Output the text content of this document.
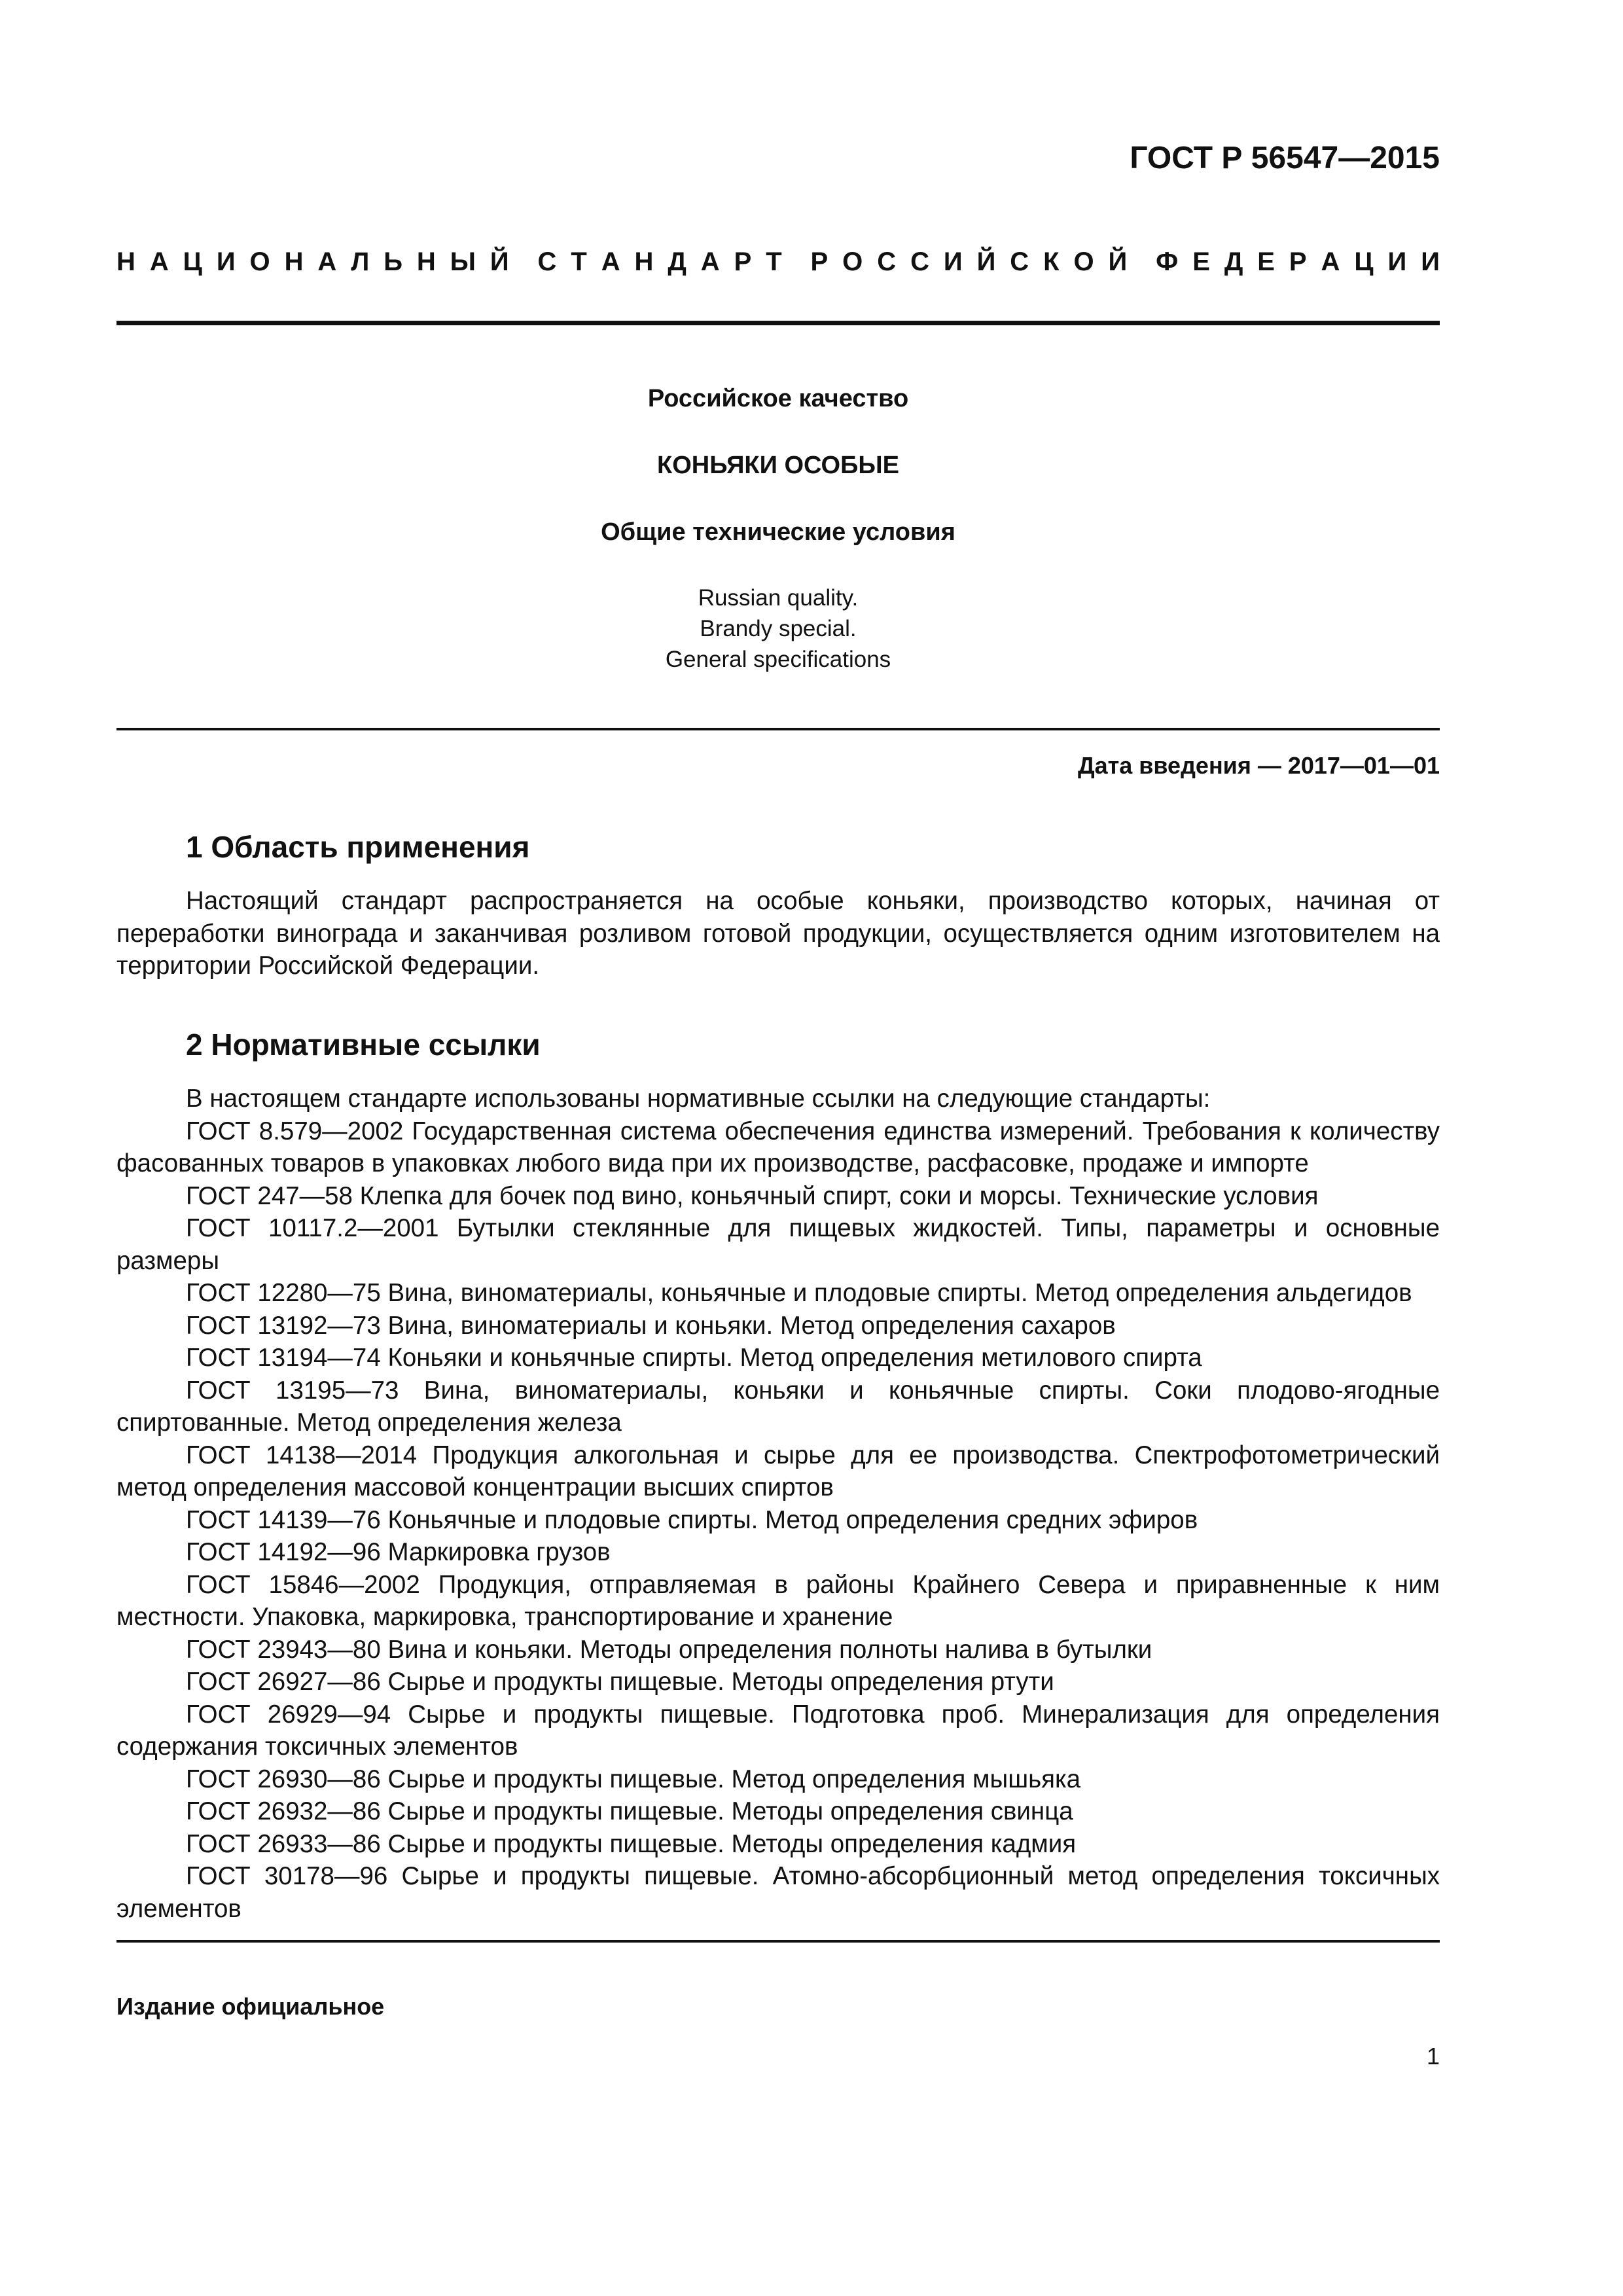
ГОСТ Р 56547—2015
Н А Ц И О Н А Л Ь Н Ы Й С Т А Н Д А Р Т Р О С С И Й С К О Й Ф Е Д Е Р А Ц И И
Российское качество
КОНЬЯКИ ОСОБЫЕ
Общие технические условия
Russian quality.
Brandy special.
General specifications
Дата введения — 2017—01—01
1 Область применения

Настоящий стандарт распространяется на особые коньяки, производство которых, начиная от переработки винограда и заканчивая розливом готовой продукции, осуществляется одним изготовителем на территории Российской Федерации.

2 Нормативные ссылки

В настоящем стандарте использованы нормативные ссылки на следующие стандарты:

ГОСТ 8.579—2002 Государственная система обеспечения единства измерений. Требования к количеству фасованных товаров в упаковках любого вида при их производстве, расфасовке, продаже и импорте

ГОСТ 247—58 Клепка для бочек под вино, коньячный спирт, соки и морсы. Технические условия

ГОСТ 10117.2—2001 Бутылки стеклянные для пищевых жидкостей. Типы, параметры и основные размеры

ГОСТ 12280—75 Вина, виноматериалы, коньячные и плодовые спирты. Метод определения альдегидов

ГОСТ 13192—73 Вина, виноматериалы и коньяки. Метод определения сахаров

ГОСТ 13194—74 Коньяки и коньячные спирты. Метод определения метилового спирта

ГОСТ 13195—73 Вина, виноматериалы, коньяки и коньячные спирты. Соки плодово-ягодные спиртованные. Метод определения железа

ГОСТ 14138—2014 Продукция алкогольная и сырье для ее производства. Спектрофотометрический метод определения массовой концентрации высших спиртов

ГОСТ 14139—76 Коньячные и плодовые спирты. Метод определения средних эфиров

ГОСТ 14192—96 Маркировка грузов

ГОСТ 15846—2002 Продукция, отправляемая в районы Крайнего Севера и приравненные к ним местности. Упаковка, маркировка, транспортирование и хранение

ГОСТ 23943—80 Вина и коньяки. Методы определения полноты налива в бутылки

ГОСТ 26927—86 Сырье и продукты пищевые. Методы определения ртути

ГОСТ 26929—94 Сырье и продукты пищевые. Подготовка проб. Минерализация для определения содержания токсичных элементов

ГОСТ 26930—86 Сырье и продукты пищевые. Метод определения мышьяка

ГОСТ 26932—86 Сырье и продукты пищевые. Методы определения свинца

ГОСТ 26933—86 Сырье и продукты пищевые. Методы определения кадмия

ГОСТ 30178—96 Сырье и продукты пищевые. Атомно-абсорбционный метод определения токсичных элементов

Издание официальное
1
